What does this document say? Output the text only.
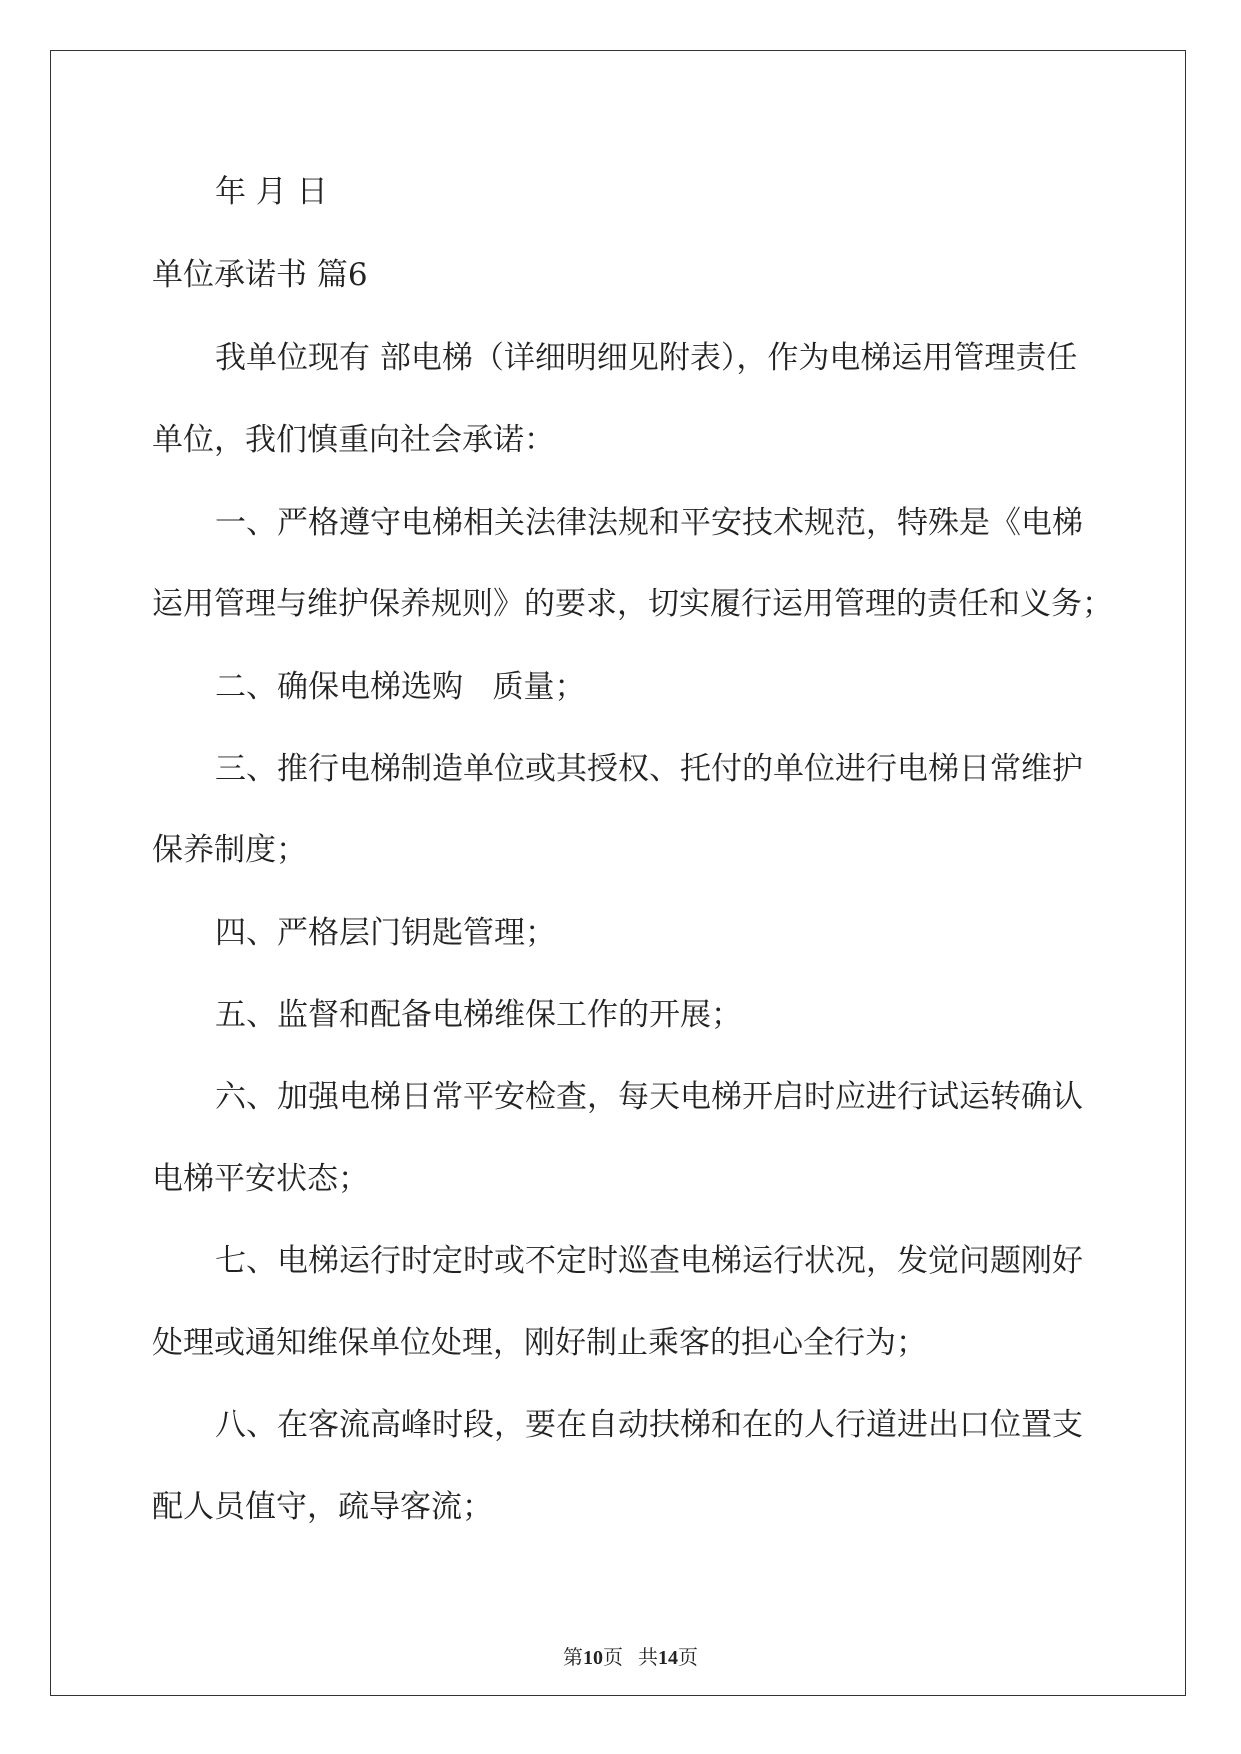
年 月 日
单位承诺书 篇6
我单位现有 部电梯（详细明细见附表），作为电梯运用管理责任
单位，我们慎重向社会承诺：
一、严格遵守电梯相关法律法规和平安技术规范，特殊是《电梯
运用管理与维护保养规则》的要求，切实履行运用管理的责任和义务；
二、确保电梯选购   质量；
三、推行电梯制造单位或其授权、托付的单位进行电梯日常维护
保养制度；
四、严格层门钥匙管理；
五、监督和配备电梯维保工作的开展；
六、加强电梯日常平安检查，每天电梯开启时应进行试运转确认
电梯平安状态；
七、电梯运行时定时或不定时巡查电梯运行状况，发觉问题刚好
处理或通知维保单位处理，刚好制止乘客的担心全行为；
八、在客流高峰时段，要在自动扶梯和在的人行道进出口位置支
配人员值守，疏导客流；

第10页 共14页
